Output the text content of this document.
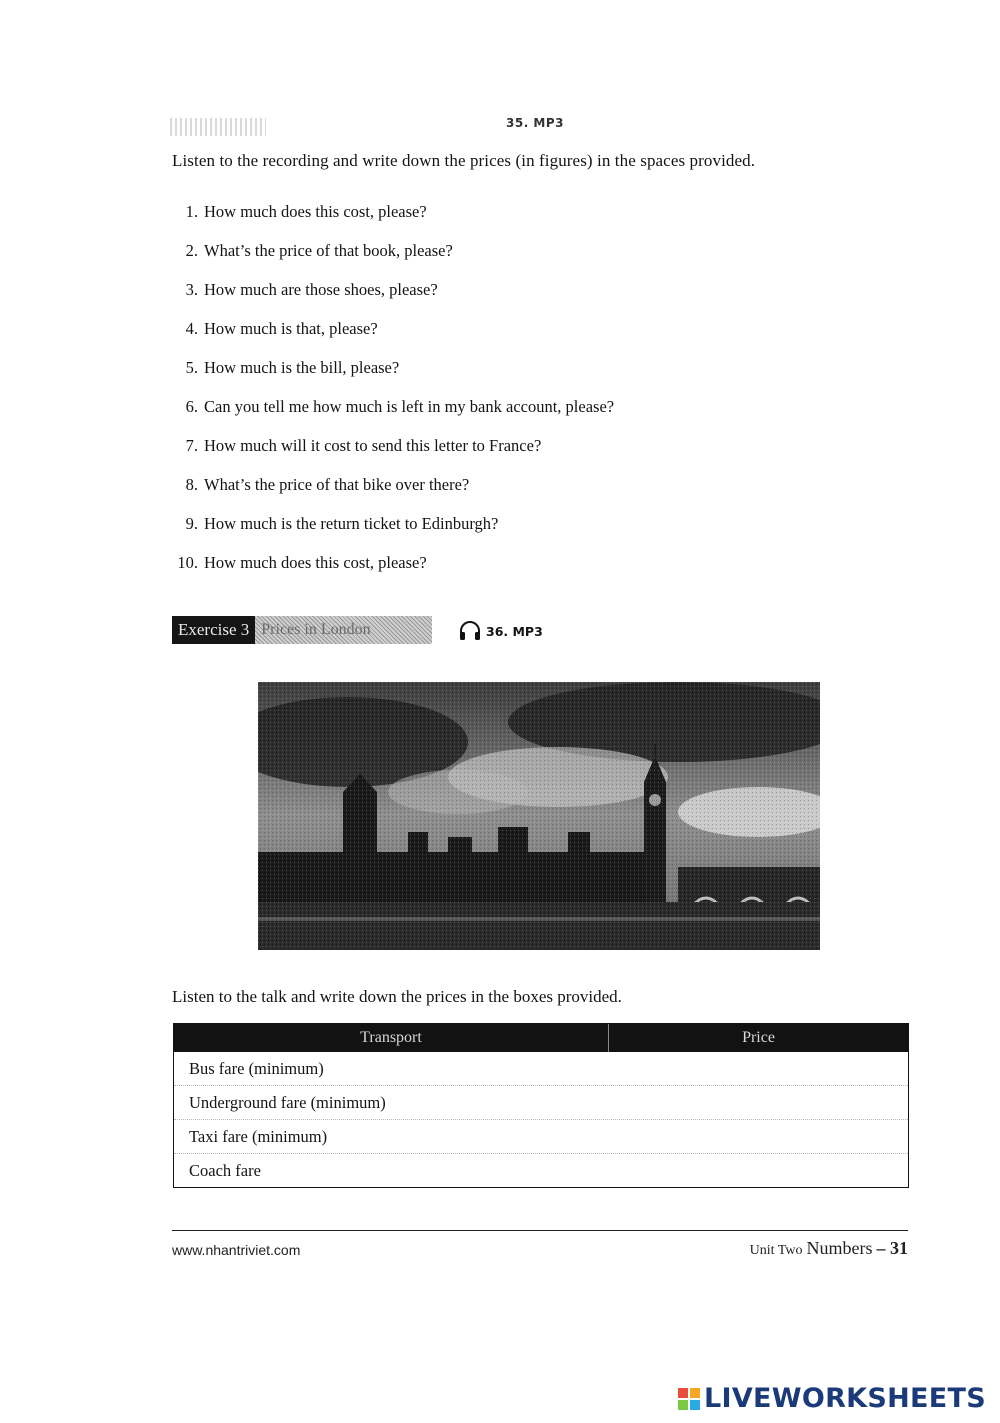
35. MP3
Listen to the recording and write down the prices (in figures) in the spaces provided.
1. How much does this cost, please?
2. What’s the price of that book, please?
3. How much are those shoes, please?
4. How much is that, please?
5. How much is the bill, please?
6. Can you tell me how much is left in my bank account, please?
7. How much will it cost to send this letter to France?
8. What’s the price of that bike over there?
9. How much is the return ticket to Edinburgh?
10. How much does this cost, please?
Exercise 3 Prices in London	36. MP3
Listen to the talk and write down the prices in the boxes provided.
Transport	Price
Bus fare (minimum)
Underground fare (minimum)
Taxi fare (minimum)
Coach fare
www.nhantriviet.com	Unit Two Numbers – 31
LIVEWORKSHEETS
